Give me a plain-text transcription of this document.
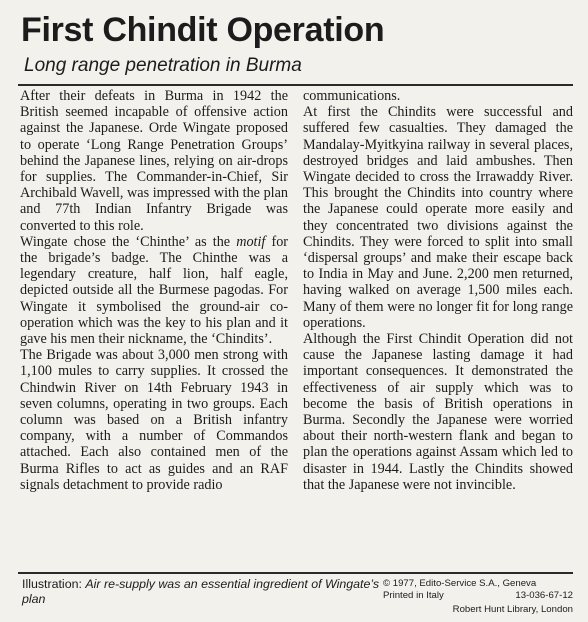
First Chindit Operation
Long range penetration in Burma

After their defeats in Burma in 1942 the British seemed incapable of offensive action against the Japanese. Orde Wingate proposed to operate ‘Long Range Penetration Groups’ behind the Japanese lines, relying on air-drops for supplies. The Commander-in-Chief, Sir Archibald Wavell, was impressed with the plan and 77th Indian Infantry Brigade was converted to this role.

Wingate chose the ‘Chinthe’ as the motif for the brigade’s badge. The Chinthe was a legendary creature, half lion, half eagle, depicted outside all the Burmese pagodas. For Wingate it symbolised the ground-air co-operation which was the key to his plan and it gave his men their nickname, the ‘Chindits’.

The Brigade was about 3,000 men strong with 1,100 mules to carry supplies. It crossed the Chindwin River on 14th February 1943 in seven columns, operating in two groups. Each column was based on a British infantry company, with a number of Commandos attached. Each also contained men of the Burma Rifles to act as guides and an RAF signals detachment to provide radio

communications.

At first the Chindits were successful and suffered few casualties. They damaged the Mandalay-Myitkyina railway in several places, destroyed bridges and laid ambushes. Then Wingate decided to cross the Irrawaddy River. This brought the Chindits into country where the Japanese could operate more easily and they concentrated two divisions against the Chindits. They were forced to split into small ‘dispersal groups’ and make their escape back to India in May and June. 2,200 men returned, having walked on average 1,500 miles each. Many of them were no longer fit for long range operations.

Although the First Chindit Operation did not cause the Japanese lasting damage it had important consequences. It demonstrated the effectiveness of air supply which was to become the basis of British operations in Burma. Secondly the Japanese were worried about their north-western flank and began to plan the operations against Assam which led to disaster in 1944. Lastly the Chindits showed that the Japanese were not invincible.

Illustration: Air re-supply was an essential ingredient of Wingate’s plan
© 1977, Edito-Service S.A., Geneva
Printed in Italy	13-036-67-12
Robert Hunt Library, London
